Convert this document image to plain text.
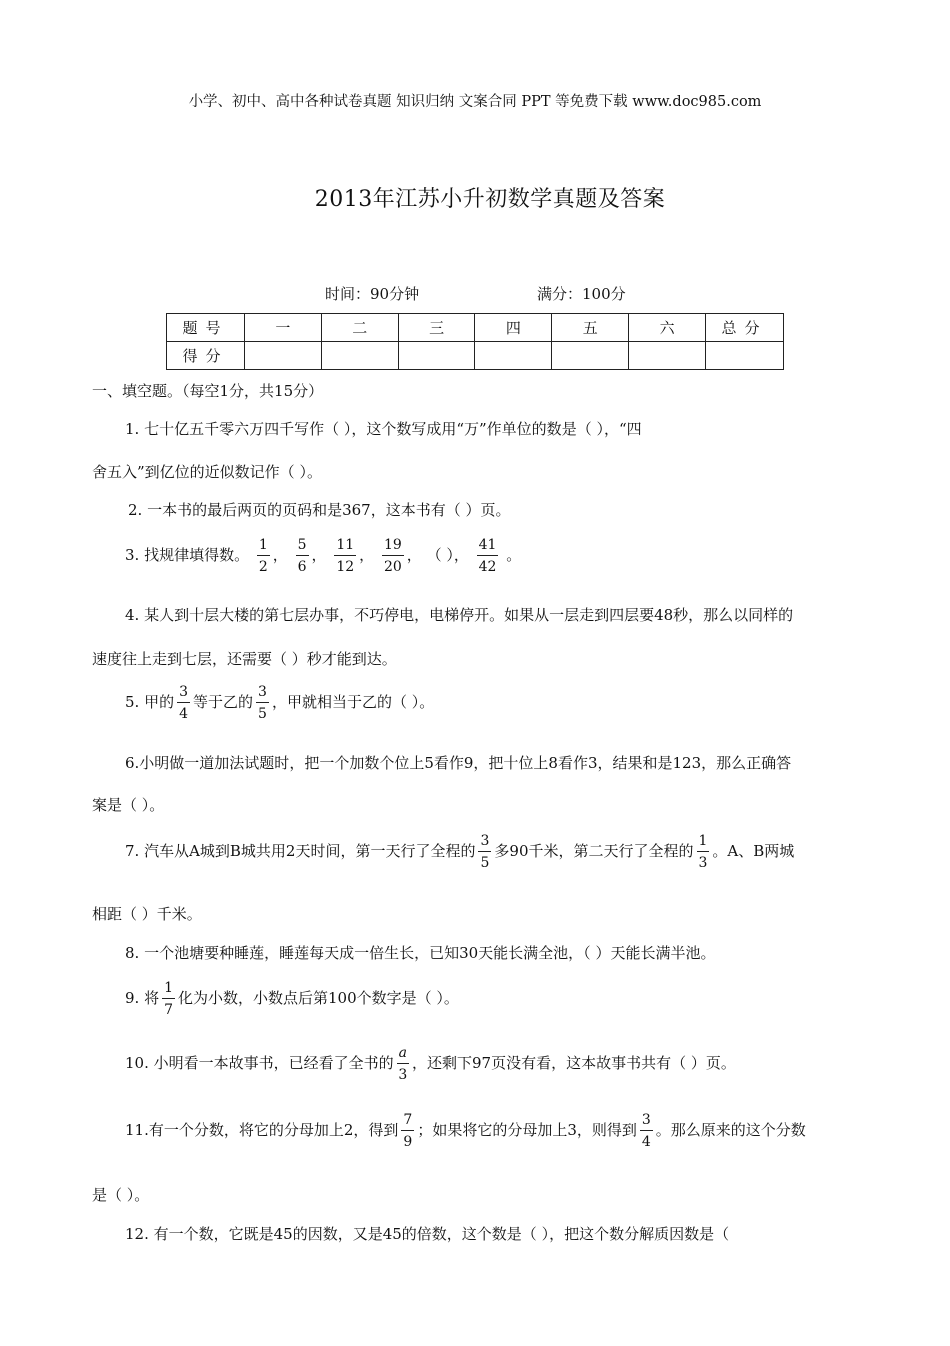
小学、初中、高中各种试卷真题 知识归纳 文案合同 PPT 等免费下载 www.doc985.com
2013年江苏小升初数学真题及答案
时间：90分钟	满分：100分
题号	一	二	三	四	五	六	总分
得分							
一、填空题。（每空1分，共15分）
1. 七十亿五千零六万四千写作（ ），这个数写成用“万”作单位的数是（ ），“四
舍五入”到亿位的近似数记作（ ）。
2. 一本书的最后两页的页码和是367，这本书有（ ）页。
3. 找规律填得数。 $\frac{1}{2}$ ， $\frac{5}{6}$ ， $\frac{11}{12}$ ， $\frac{19}{20}$ ， （ ）， $\frac{41}{42}$ 。
4. 某人到十层大楼的第七层办事，不巧停电，电梯停开。如果从一层走到四层要48秒，那么以同样的
速度往上走到七层，还需要（ ）秒才能到达。
5. 甲的 $\frac{3}{4}$ 等于乙的 $\frac{3}{5}$ ，甲就相当于乙的（ ）。
6.小明做一道加法试题时，把一个加数个位上5看作9，把十位上8看作3，结果和是123，那么正确答
案是（ ）。
7. 汽车从A城到B城共用2天时间，第一天行了全程的 $\frac{3}{5}$ 多90千米，第二天行了全程的 $\frac{1}{3}$ 。A、B两城
相距（ ）千米。
8. 一个池塘要种睡莲，睡莲每天成一倍生长，已知30天能长满全池，（ ）天能长满半池。
9. 将 $\frac{1}{7}$ 化为小数，小数点后第100个数字是（ ）。
10. 小明看一本故事书，已经看了全书的 $\frac{a}{3}$ ，还剩下97页没有看，这本故事书共有（ ）页。
11.有一个分数，将它的分母加上2，得到 $\frac{7}{9}$ ；如果将它的分母加上3，则得到 $\frac{3}{4}$ 。那么原来的这个分数
是（ ）。
12. 有一个数，它既是45的因数，又是45的倍数，这个数是（ ），把这个数分解质因数是（
